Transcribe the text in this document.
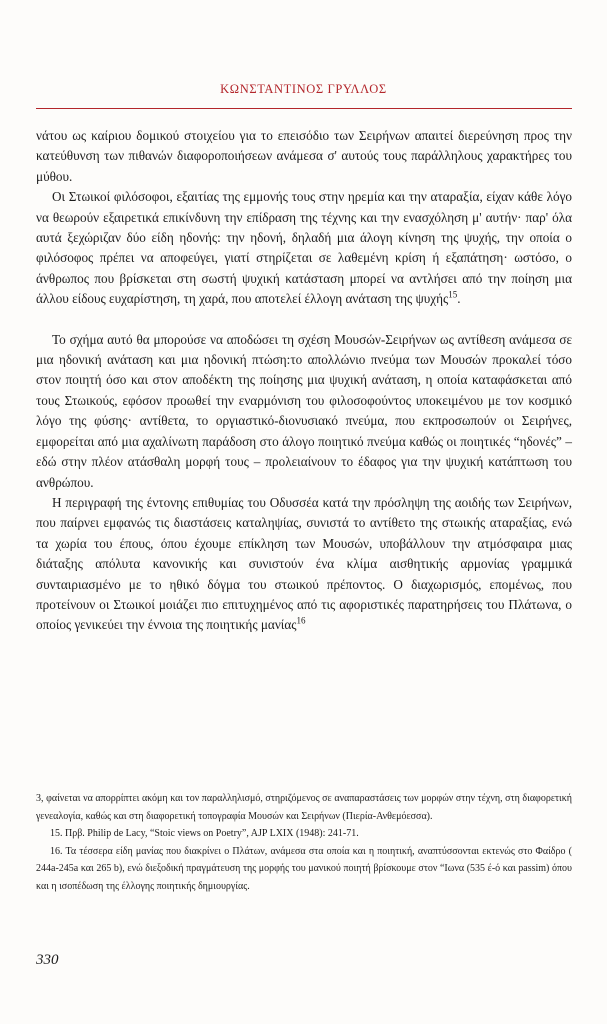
ΚΩΝΣΤΑΝΤΙΝΟΣ ΓΡΥΛΛΟΣ

νάτου ως καίριου δομικού στοιχείου για το επεισόδιο των Σειρήνων απαιτεί διερεύνηση προς την κατεύθυνση των πιθανών διαφοροποιήσεων ανάμεσα σ' αυτούς τους παράλληλους χαρακτήρες του μύθου.

Οι Στωικοί φιλόσοφοι, εξαιτίας της εμμονής τους στην ηρεμία και την αταραξία, είχαν κάθε λόγο να θεωρούν εξαιρετικά επικίνδυνη την επίδραση της τέχνης και την ενασχόληση μ' αυτήν· παρ' όλα αυτά ξεχώριζαν δύο είδη ηδονής: την ηδονή, δηλαδή μια άλογη κίνηση της ψυχής, την οποία ο φιλόσοφος πρέπει να αποφεύγει, γιατί στηρίζεται σε λαθεμένη κρίση ή εξαπάτηση· ωστόσο, ο άνθρωπος που βρίσκεται στη σωστή ψυχική κατάσταση μπορεί να αντλήσει από την ποίηση μια άλλου είδους ευχαρίστηση, τη χαρά, που αποτελεί έλλογη ανάταση της ψυχής$^{15}$.

Το σχήμα αυτό θα μπορούσε να αποδώσει τη σχέση Μουσών-Σειρήνων ως αντίθεση ανάμεσα σε μια ηδονική ανάταση και μια ηδονική πτώση:το απολλώνιο πνεύμα των Μουσών προκαλεί τόσο στον ποιητή όσο και στον αποδέκτη της ποίησης μια ψυχική ανάταση, η οποία καταφάσκεται από τους Στωικούς, εφόσον προωθεί την εναρμόνιση του φιλοσοφούντος υποκειμένου με τον κοσμικό λόγο της φύσης· αντίθετα, το οργιαστικό-διονυσιακό πνεύμα, που εκπροσωπούν οι Σειρήνες, εμφορείται από μια αχαλίνωτη παράδοση στο άλογο ποιητικό πνεύμα καθώς οι ποιητικές “ηδονές” – εδώ στην πλέον ατάσθαλη μορφή τους – προλειαίνουν το έδαφος για την ψυχική κατάπτωση του ανθρώπου.

Η περιγραφή της έντονης επιθυμίας του Οδυσσέα κατά την πρόσληψη της αοιδής των Σειρήνων, που παίρνει εμφανώς τις διαστάσεις καταληψίας, συνιστά το αντίθετο της στωικής αταραξίας, ενώ τα χωρία του έπους, όπου έχουμε επίκληση των Μουσών, υποβάλλουν την ατμόσφαιρα μιας διάταξης απόλυτα κανονικής και συνιστούν ένα κλίμα αισθητικής αρμονίας γραμμικά συνταιριασμένο με το ηθικό δόγμα του στωικού πρέποντος. Ο διαχωρισμός, επομένως, που προτείνουν οι Στωικοί μοιάζει πιο επιτυχημένος από τις αφοριστικές παρατηρήσεις του Πλάτωνα, ο οποίος γενικεύει την έννοια της ποιητικής μανίας$^{16}$

3, φαίνεται να απορρίπτει ακόμη και τον παραλληλισμό, στηριζόμενος σε αναπαραστάσεις των μορφών στην τέχνη, στη διαφορετική γενεαλογία, καθώς και στη διαφορετική τοπογραφία Μουσών και Σειρήνων (Πιερία-Ανθεμόεσσα).

15. Πρβ. Philip de Lacy, “Stoic views on Poetry”, AJP LXIX (1948): 241-71.

16. Τα τέσσερα είδη μανίας που διακρίνει ο Πλάτων, ανάμεσα στα οποία και η ποιητική, αναπτύσσονται εκτενώς στο Φαίδρο ( 244a-245a και 265 b), ενώ διεξοδική πραγμάτευση της μορφής του μανικού ποιητή βρίσκουμε στον “Ιωνα (535 έ-ό και passim) όπου και η ισοπέδωση της έλλογης ποιητικής δημιουργίας.

330
